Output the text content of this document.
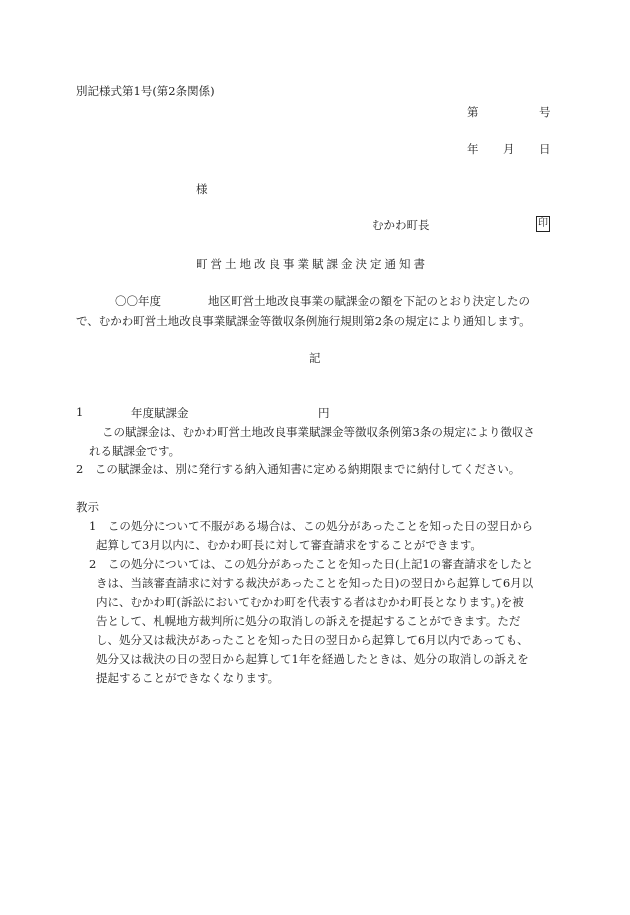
別記様式第1号(第2条関係)
第	号
年 月 日
様
むかわ町長	印
町営土地改良事業賦課金決定通知書
〇〇年度	地区町営土地改良事業の賦課金の額を下記のとおり決定したの
で、むかわ町営土地改良事業賦課金等徴収条例施行規則第2条の規定により通知します。
記
1	年度賦課金	円
この賦課金は、むかわ町営土地改良事業賦課金等徴収条例第3条の規定により徴収さ
れる賦課金です。
2　この賦課金は、別に発行する納入通知書に定める納期限までに納付してください。
教示
1　この処分について不服がある場合は、この処分があったことを知った日の翌日から
起算して3月以内に、むかわ町長に対して審査請求をすることができます。
2　この処分については、この処分があったことを知った日(上記1の審査請求をしたと
きは、当該審査請求に対する裁決があったことを知った日)の翌日から起算して6月以
内に、むかわ町(訴訟においてむかわ町を代表する者はむかわ町長となります。)を被
告として、札幌地方裁判所に処分の取消しの訴えを提起することができます。ただ
し、処分又は裁決があったことを知った日の翌日から起算して6月以内であっても、
処分又は裁決の日の翌日から起算して1年を経過したときは、処分の取消しの訴えを
提起することができなくなります。
